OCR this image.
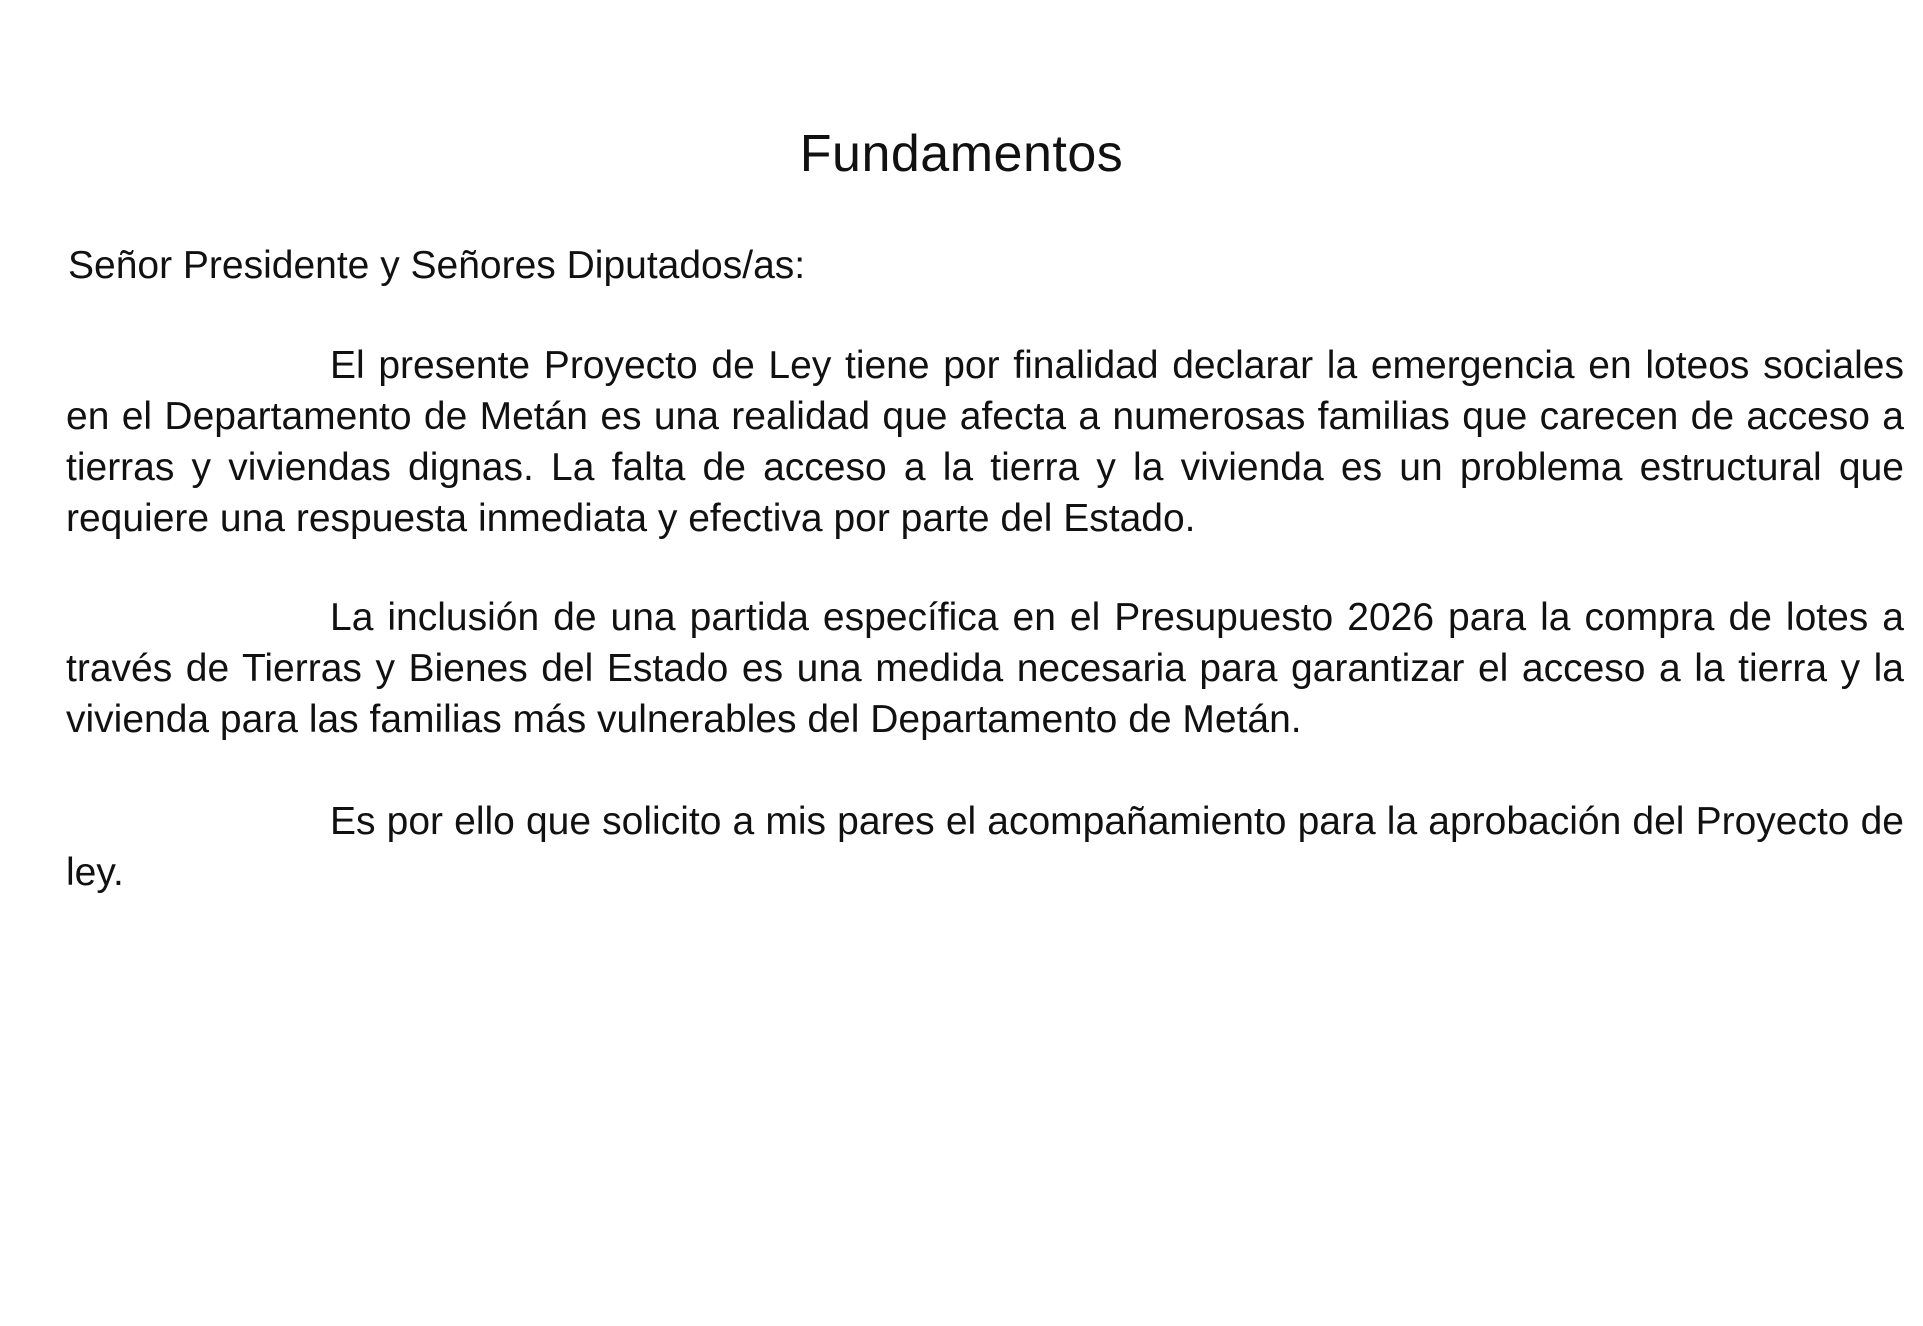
Fundamentos

Señor Presidente y Señores Diputados/as:

El presente Proyecto de Ley tiene por finalidad declarar la emergencia en loteos sociales en el Departamento de Metán es una realidad que afecta a numerosas familias que carecen de acceso a tierras y viviendas dignas. La falta de acceso a la tierra y la vivienda es un problema estructural que requiere una respuesta inmediata y efectiva por parte del Estado.

La inclusión de una partida específica en el Presupuesto 2026 para la compra de lotes a través de Tierras y Bienes del Estado es una medida necesaria para garantizar el acceso a la tierra y la vivienda para las familias más vulnerables del Departamento de Metán.

Es por ello que solicito a mis pares el acompañamiento para la aprobación del Proyecto de ley.
